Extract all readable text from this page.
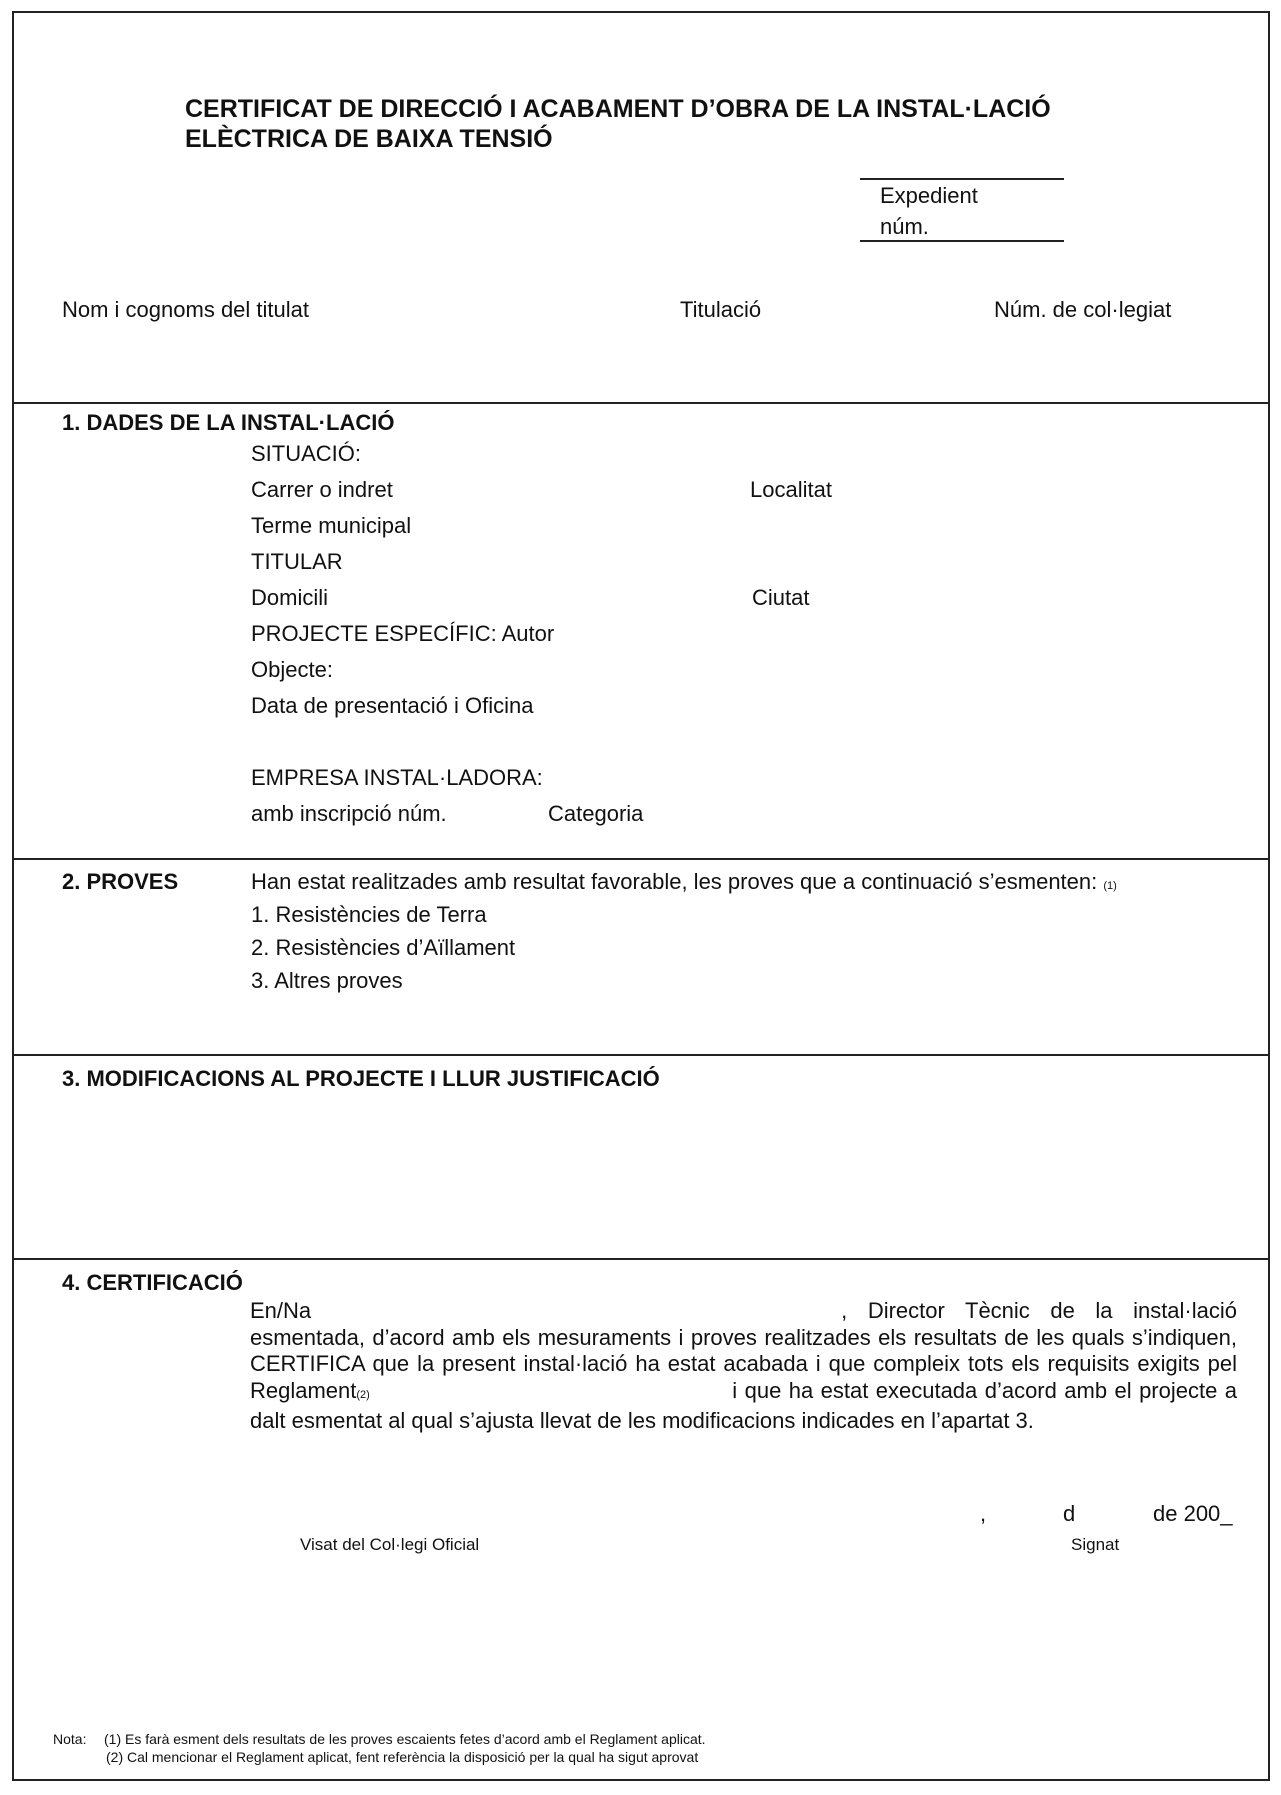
CERTIFICAT DE DIRECCIÓ I ACABAMENT D’OBRA DE LA INSTAL·LACIÓ
ELÈCTRICA DE BAIXA TENSIÓ
Expedient
núm.
Nom i cognoms del titulat	Titulació	Núm. de col·legiat
1. DADES DE LA INSTAL·LACIÓ
SITUACIÓ:
Carrer o indret	Localitat
Terme municipal
TITULAR
Domicili	Ciutat
PROJECTE ESPECÍFIC: Autor
Objecte:
Data de presentació i Oficina
EMPRESA INSTAL·LADORA:
amb inscripció núm.	Categoria
2. PROVES	Han estat realitzades amb resultat favorable, les proves que a continuació s’esmenten: (1)
1. Resistències de Terra
2. Resistències d’Aïllament
3. Altres proves
3. MODIFICACIONS AL PROJECTE I LLUR JUSTIFICACIÓ
4. CERTIFICACIÓ
En/Na	, Director Tècnic de la instal·lació esmentada, d’acord amb els mesuraments i proves realitzades els resultats de les quals s’indiquen, CERTIFICA que la present instal·lació ha estat acabada i que compleix tots els requisits exigits pel Reglament(2)	i que ha estat executada d’acord amb el projecte a dalt esmentat al qual s’ajusta llevat de les modificacions indicades en l’apartat 3.
,	d	de 200_
Visat del Col·legi Oficial	Signat
Nota: (1) Es farà esment dels resultats de les proves escaients fetes d’acord amb el Reglament aplicat.
(2) Cal mencionar el Reglament aplicat, fent referència la disposició per la qual ha sigut aprovat
